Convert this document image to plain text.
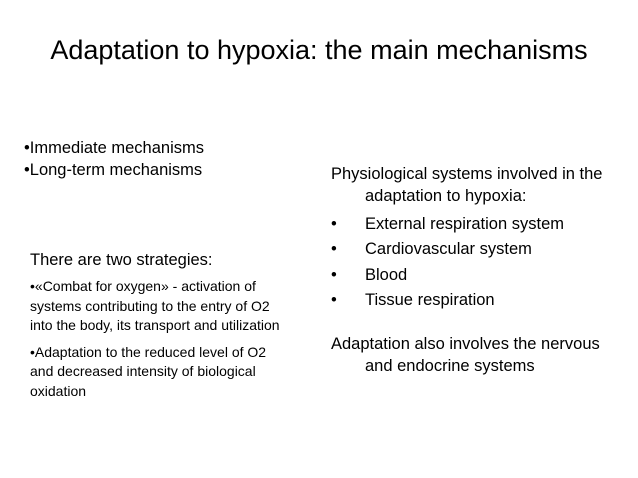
Adaptation to hypoxia: the main mechanisms
•Immediate mechanisms
•Long-term mechanisms
There are two strategies:
•«Combat for oxygen» - activation of systems contributing to the entry of O2 into the body, its transport and utilization
•Adaptation to the reduced level of O2 and decreased intensity of biological oxidation
Physiological systems involved in the adaptation to hypoxia:
•	External respiration system
•	Cardiovascular system
•	Blood
•	Tissue respiration
Adaptation also involves the nervous and endocrine systems
